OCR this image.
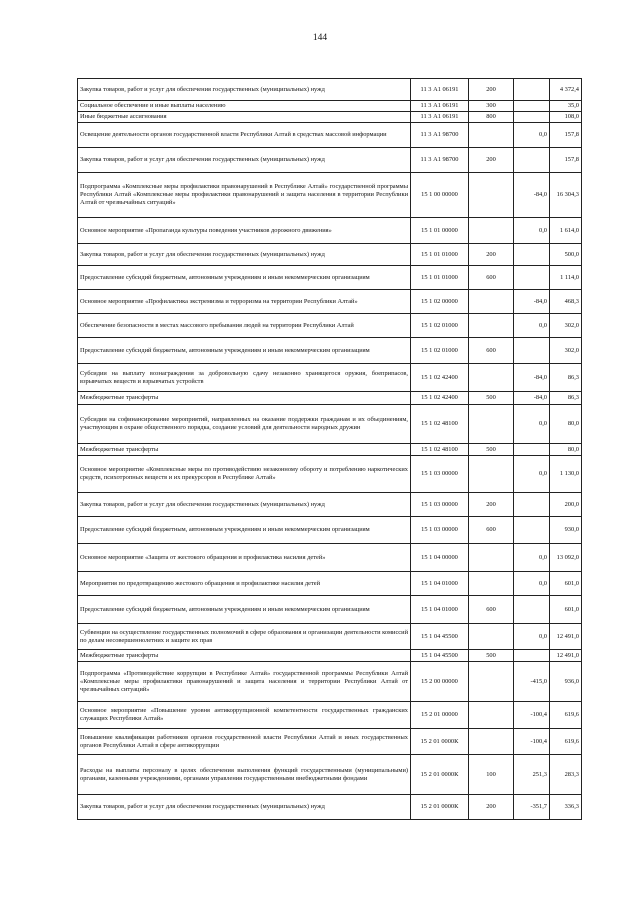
144
Закупка товаров, работ и услуг для обеспечения государственных (муниципальных) нужд	11 3 А1 06191	200		4 372,4
Социальное обеспечение и иные выплаты населению	11 3 А1 06191	300		35,0
Иные бюджетные ассигнования	11 3 А1 06191	800		108,0
Освещение деятельности органов государственной власти Республики Алтай в средствах массовой информации	11 3 А1 98700		0,0	157,8
Закупка товаров, работ и услуг для обеспечения государственных (муниципальных) нужд	11 3 А1 98700	200		157,8
Подпрограмма «Комплексные меры профилактики правонарушений в Республике Алтай» государственной программы Республики Алтай «Комплексные меры профилактики правонарушений и защита населения в территории Республики Алтай от чрезвычайных ситуаций»	15 1 00 00000		-84,0	16 304,3
Основное мероприятие «Пропаганда культуры поведения участников дорожного движения»	15 1 01 00000		0,0	1 614,0
Закупка товаров, работ и услуг для обеспечения государственных (муниципальных) нужд	15 1 01 01000	200		500,0
Предоставление субсидий бюджетным, автономным учреждениям и иным некоммерческим организациям	15 1 01 01000	600		1 114,0
Основное мероприятие «Профилактика экстремизма и терроризма на территории Республики Алтай»	15 1 02 00000		-84,0	468,3
Обеспечение безопасности в местах массового пребывания людей на территории Республики Алтай	15 1 02 01000		0,0	302,0
Предоставление субсидий бюджетным, автономным учреждениям и иным некоммерческим организациям	15 1 02 01000	600		302,0
Субсидии на выплату вознаграждения за добровольную сдачу незаконно хранящегося оружия, боеприпасов, взрывчатых веществ и взрывчатых устройств	15 1 02 42400		-84,0	86,3
Межбюджетные трансферты	15 1 02 42400	500	-84,0	86,3
Субсидии на софинансирование мероприятий, направленных на оказание поддержки гражданам и их объединениям, участвующим в охране общественного порядка, создание условий для деятельности народных дружин	15 1 02 48100		0,0	80,0
Межбюджетные трансферты	15 1 02 48100	500		80,0
Основное мероприятие «Комплексные меры по противодействию незаконному обороту и потреблению наркотических средств, психотропных веществ и их прекурсоров в Республике Алтай»	15 1 03 00000		0,0	1 130,0
Закупка товаров, работ и услуг для обеспечения государственных (муниципальных) нужд	15 1 03 00000	200		200,0
Предоставление субсидий бюджетным, автономным учреждениям и иным некоммерческим организациям	15 1 03 00000	600		930,0
Основное мероприятие «Защита от жестокого обращения и профилактика насилия детей»	15 1 04 00000		0,0	13 092,0
Мероприятия по предотвращению жестокого обращения и профилактике насилия детей	15 1 04 01000		0,0	601,0
Предоставление субсидий бюджетным, автономным учреждениям и иным некоммерческим организациям	15 1 04 01000	600		601,0
Субвенции на осуществление государственных полномочий в сфере образования и организации деятельности комиссий по делам несовершеннолетних и защите их прав	15 1 04 45500		0,0	12 491,0
Межбюджетные трансферты	15 1 04 45500	500		12 491,0
Подпрограмма «Противодействие коррупции в Республике Алтай» государственной программы Республики Алтай «Комплексные меры профилактики правонарушений и защита населения и территории Республики Алтай от чрезвычайных ситуаций»	15 2 00 00000		-415,0	936,0
Основное мероприятие «Повышение уровня антикоррупционной компетентности государственных гражданских служащих Республики Алтай»	15 2 01 00000		-100,4	619,6
Повышение квалификации работников органов государственной власти Республики Алтай и иных государственных органов Республики Алтай в сфере антикоррупции	15 2 01 0000К		-100,4	619,6
Расходы на выплаты персоналу в целях обеспечения выполнения функций государственными (муниципальными) органами, казенными учреждениями, органами управления государственными внебюджетными фондами	15 2 01 0000К	100	251,3	283,3
Закупка товаров, работ и услуг для обеспечения государственных (муниципальных) нужд	15 2 01 0000К	200	-351,7	336,3
